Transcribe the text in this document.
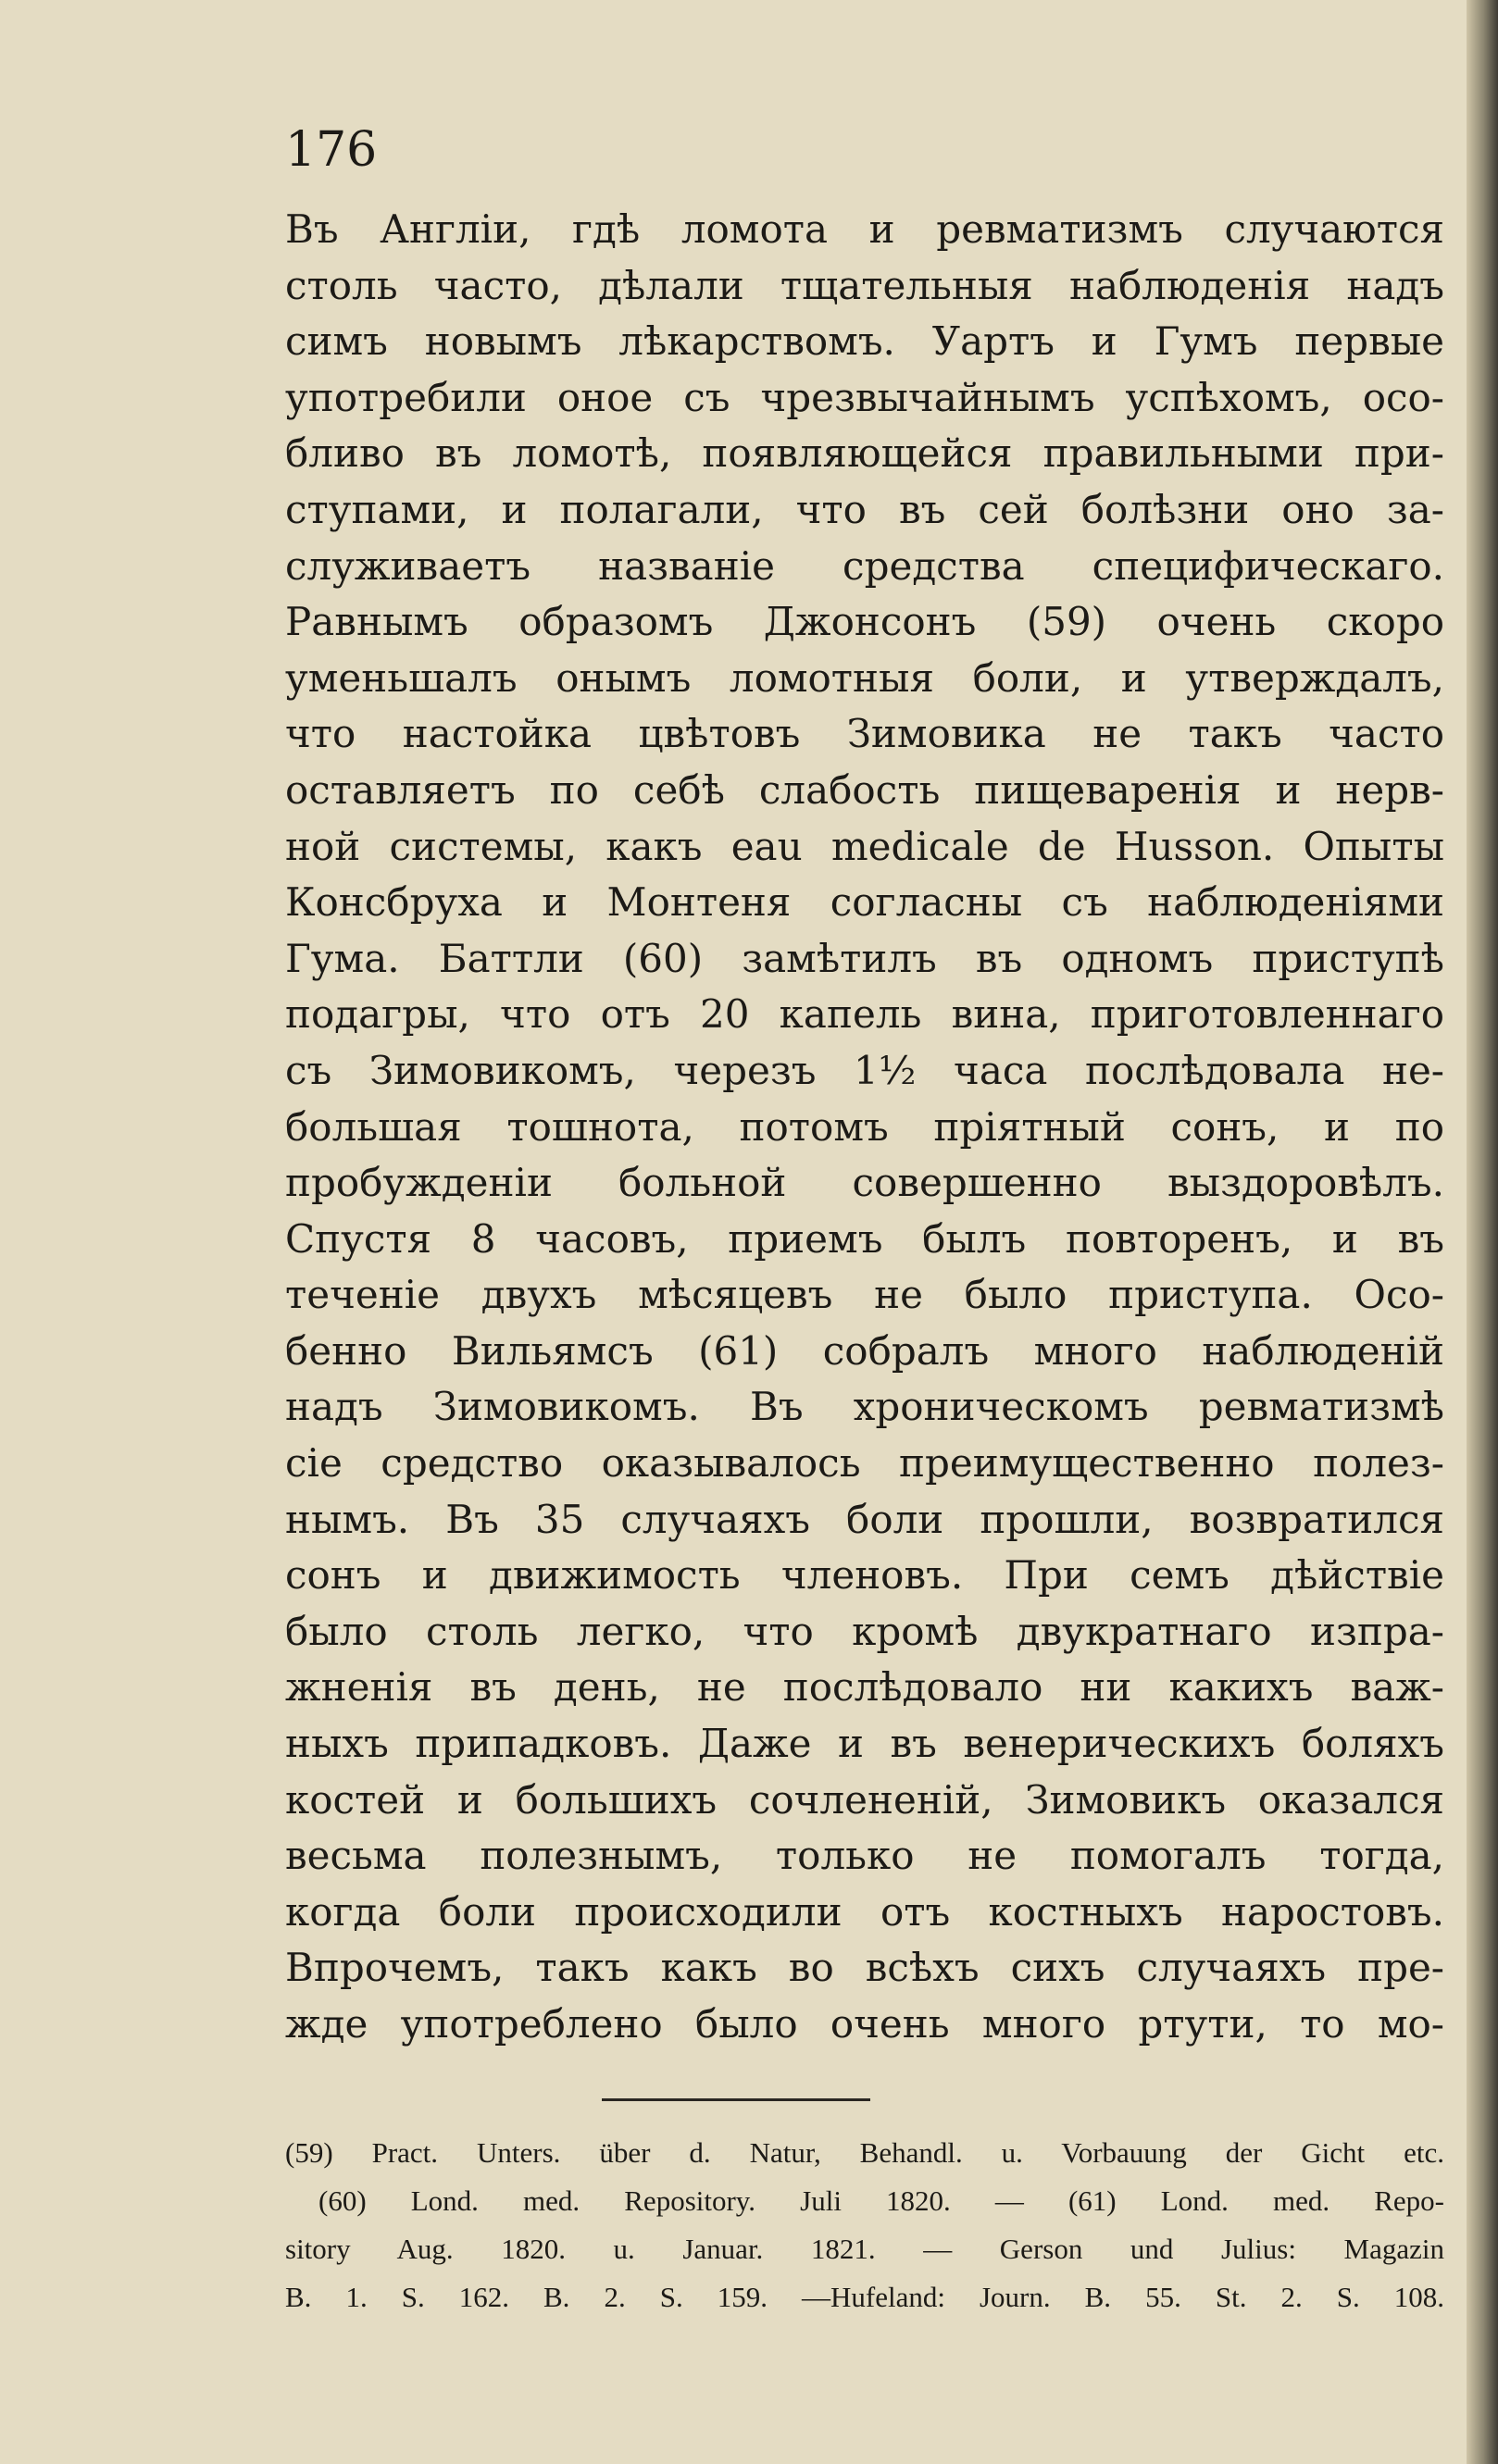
176
Въ Англіи, гдѣ ломота и ревматизмъ случаются
столь часто, дѣлали тщательныя наблюденія надъ
симъ новымъ лѣкарствомъ. Уартъ и Гумъ первые
употребили оное съ чрезвычайнымъ успѣхомъ, осо-
бливо въ ломотѣ, появляющейся правильными при-
ступами, и полагали, что въ сей болѣзни оно за-
служиваетъ названіе средства специфическаго.
Равнымъ образомъ Джонсонъ (59) очень скоро
уменьшалъ онымъ ломотныя боли, и утверждалъ,
что настойка цвѣтовъ Зимовика не такъ часто
оставляетъ по себѣ слабость пищеваренія и нерв-
ной системы, какъ eau medicale de Husson. Опыты
Консбруха и Монтеня согласны съ наблюденіями
Гума. Баттли (60) замѣтилъ въ одномъ приступѣ
подагры, что отъ 20 капель вина, приготовленнаго
съ Зимовикомъ, черезъ 1½ часа послѣдовала не-
большая тошнота, потомъ пріятный сонъ, и по
пробужденіи больной совершенно выздоровѣлъ.
Спустя 8 часовъ, приемъ былъ повторенъ, и въ
теченіе двухъ мѣсяцевъ не было приступа. Осо-
бенно Вильямсъ (61) собралъ много наблюденій
надъ Зимовикомъ. Въ хроническомъ ревматизмѣ
сіе средство оказывалось преимущественно полез-
нымъ. Въ 35 случаяхъ боли прошли, возвратился
сонъ и движимость членовъ. При семъ дѣйствіе
было столь легко, что кромѣ двукратнаго изпра-
жненія въ день, не послѣдовало ни какихъ важ-
ныхъ припадковъ. Даже и въ венерическихъ боляхъ
костей и большихъ сочлененій, Зимовикъ оказался
весьма полезнымъ, только не помогалъ тогда,
когда боли происходили отъ костныхъ наростовъ.
Впрочемъ, такъ какъ во всѣхъ сихъ случаяхъ пре-
жде употреблено было очень много ртути, то мо-
(59) Pract. Unters. über d. Natur, Behandl. u. Vorbauung der Gicht etc.
(60) Lond. med. Repository. Juli 1820. — (61) Lond. med. Repo-
sitory Aug. 1820. u. Januar. 1821. — Gerson und Julius: Magazin
B. 1. S. 162. B. 2. S. 159. —Hufeland: Journ. B. 55. St. 2. S. 108.
